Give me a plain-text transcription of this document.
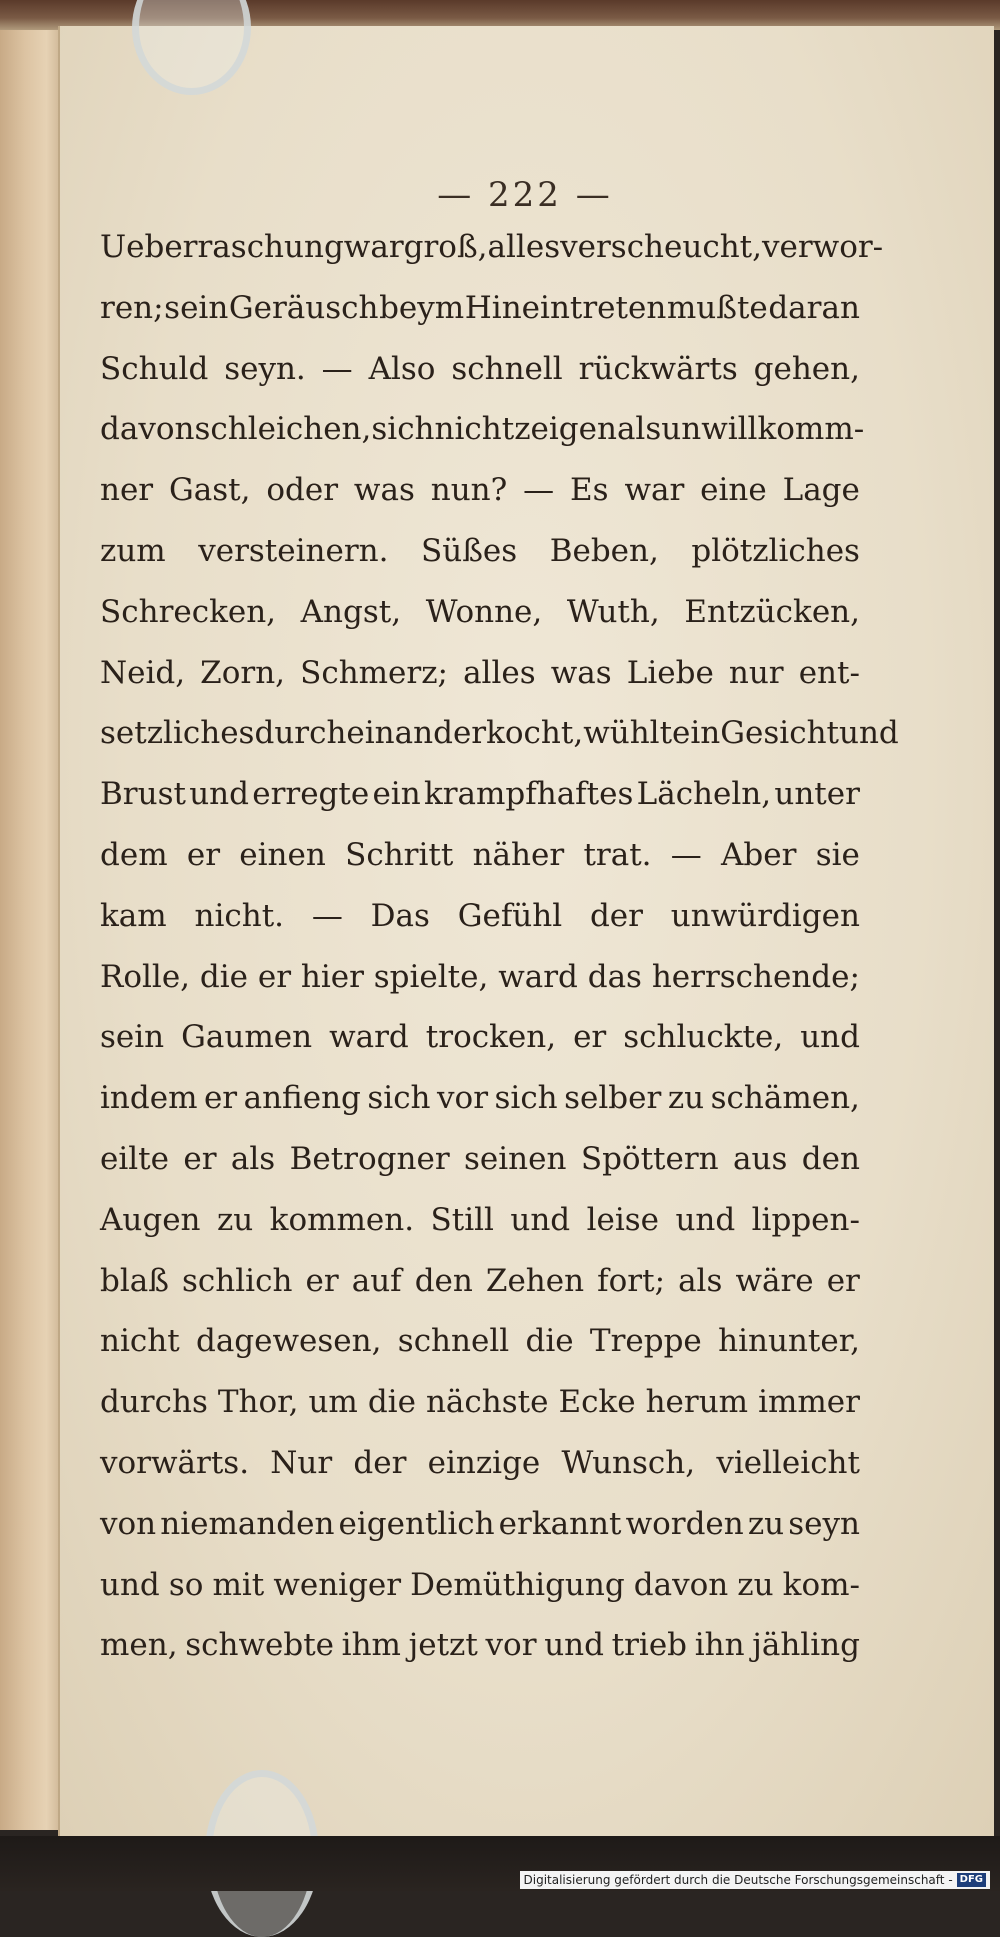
— 222 —
Ueberraschung war groß, alles verscheucht, verwor-
ren; sein Geräusch beym Hineintreten mußte daran
Schuld seyn. — Also schnell rückwärts gehen,
davonschleichen, sich nicht zeigen als unwillkomm-
ner Gast, oder was nun? — Es war eine Lage
zum versteinern. Süßes Beben, plötzliches
Schrecken, Angst, Wonne, Wuth, Entzücken,
Neid, Zorn, Schmerz; alles was Liebe nur ent-
setzliches durcheinanderkocht, wühlte in Gesicht und
Brust und erregte ein krampfhaftes Lächeln, unter
dem er einen Schritt näher trat. — Aber sie
kam nicht. — Das Gefühl der unwürdigen
Rolle, die er hier spielte, ward das herrschende;
sein Gaumen ward trocken, er schluckte, und
indem er anfieng sich vor sich selber zu schämen,
eilte er als Betrogner seinen Spöttern aus den
Augen zu kommen. Still und leise und lippen-
blaß schlich er auf den Zehen fort; als wäre er
nicht dagewesen, schnell die Treppe hinunter,
durchs Thor, um die nächste Ecke herum immer
vorwärts. Nur der einzige Wunsch, vielleicht
von niemanden eigentlich erkannt worden zu seyn
und so mit weniger Demüthigung davon zu kom-
men, schwebte ihm jetzt vor und trieb ihn jähling
Digitalisierung gefördert durch die Deutsche Forschungsgemeinschaft - DFG
